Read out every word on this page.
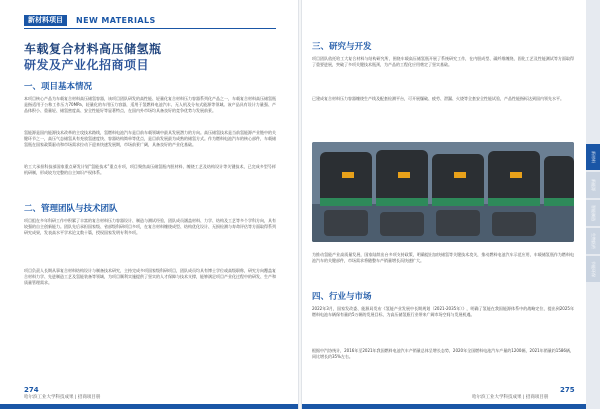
新材料项目	NEW MATERIALS
车载复合材料高压储氢瓶
研发及产业化招商项目
一、项目基本情况

本项目核心产品为车载复合材料高压储氢容器，该项目团队研发的高性能、轻量化复合材料压力容器系列化产品之一，车载复合材料高压储氢瓶是指适用于公称工作压力70MPa，轻量化的车用压力容器，适用于氢燃料电池汽车、无人机及分布式能源等领域。该产品具有设计力量强、产品体积小、重量轻、储氢密度高、安全性能好等显著特点，在国内外市场均具备良好的竞争优势与发展前景。

氢能源是国内能源技术改革的主攻技术路线，氢燃料电池汽车是目前车载领域中最具发展潜力的方向。高压储氢技术是当前氢能源产业链中的关键环节之一，高压气态储氢具有充放氢速度快、容器结构简单等优点，是目前发展最为成熟的储氢方式。作为燃料电池汽车的核心部件，车载储氢瓶在国家政策驱动和市场需求拉动下迎来快速发展期，市场前景广阔，具备良好的产业化基础。

哈工大承担科技部国家重点研发计划“氢能技术”重点专项，项目聚焦高压储氢瓶内胆材料、缠绕工艺及结构设计等关键技术，已完成多型号样机研制，形成较为完整的自主知识产权体系。

二、管理团队与技术团队

项目组在多年科研工作中积累了丰富的复合材料压力容器设计、制造与测试经验，团队成员涵盖材料、力学、结构及工艺等多个学科方向，具有较强的自主创新能力。团队先后承担国家级、省部级科研项目多项，在复合材料缠绕成型、结构优化设计、无损检测与寿命评估等方面取得系列研究成果，发表高水平学术论文数十篇，授权国家发明专利多项。

项目负责人长期从事复合材料结构设计与制备技术研究，主持完成多项国家级科研项目，团队成员均具有博士学位或高级职称，研究方向覆盖复合材料力学、先进制造工艺及氢能装备等领域，为项目顺利实施提供了坚实的人才保障与技术支撑，能够满足项目产业化过程中的研发、生产和质量管理需求。

274
哈尔滨工业大学科技成果 | 招商项目册
三、研究与开发

项目团队依托哈工大复合材料与结构研究所，围绕车载高压储氢瓶开展了系统研究工作，在内胆成型、碳纤维缠绕、固化工艺及性能测试等方面取得了重要进展，突破了多项关键技术瓶颈，为产品的工程化应用奠定了坚实基础。

已建成复合材料压力容器缠绕生产线及配套检测平台，可开展爆破、疲劳、泄漏、火烧等全套安全性能试验，产品性能指标达到国内领先水平。

为推动氢能产业高质量发展，国家陆续出台多项支持政策，明确提出加快储氢等关键技术攻关，推动燃料电池汽车示范应用，车载储氢瓶作为燃料电池汽车的关键部件，市场需求将随整车产销量增长而快速扩大。

四、行业与市场

2022年3月，国家发改委、能源局发布《氢能产业发展中长期规划（2021-2035年）》，明确了氢能在我国能源体系中的战略定位，提出到2025年燃料电池车辆保有量约5万辆的发展目标，为高压储氢瓶行业带来广阔市场空间与发展机遇。

根据中汽协统计，2016年至2021年我国燃料电池汽车产销量总体呈增长态势，2020年全国燃料电池汽车产量约1200辆，2021年销量约1586辆，同比增长约35%左右。

275
哈尔滨工业大学科技成果 | 招商项目册
新材料
新能源
智能制造
生物医药
节能环保
